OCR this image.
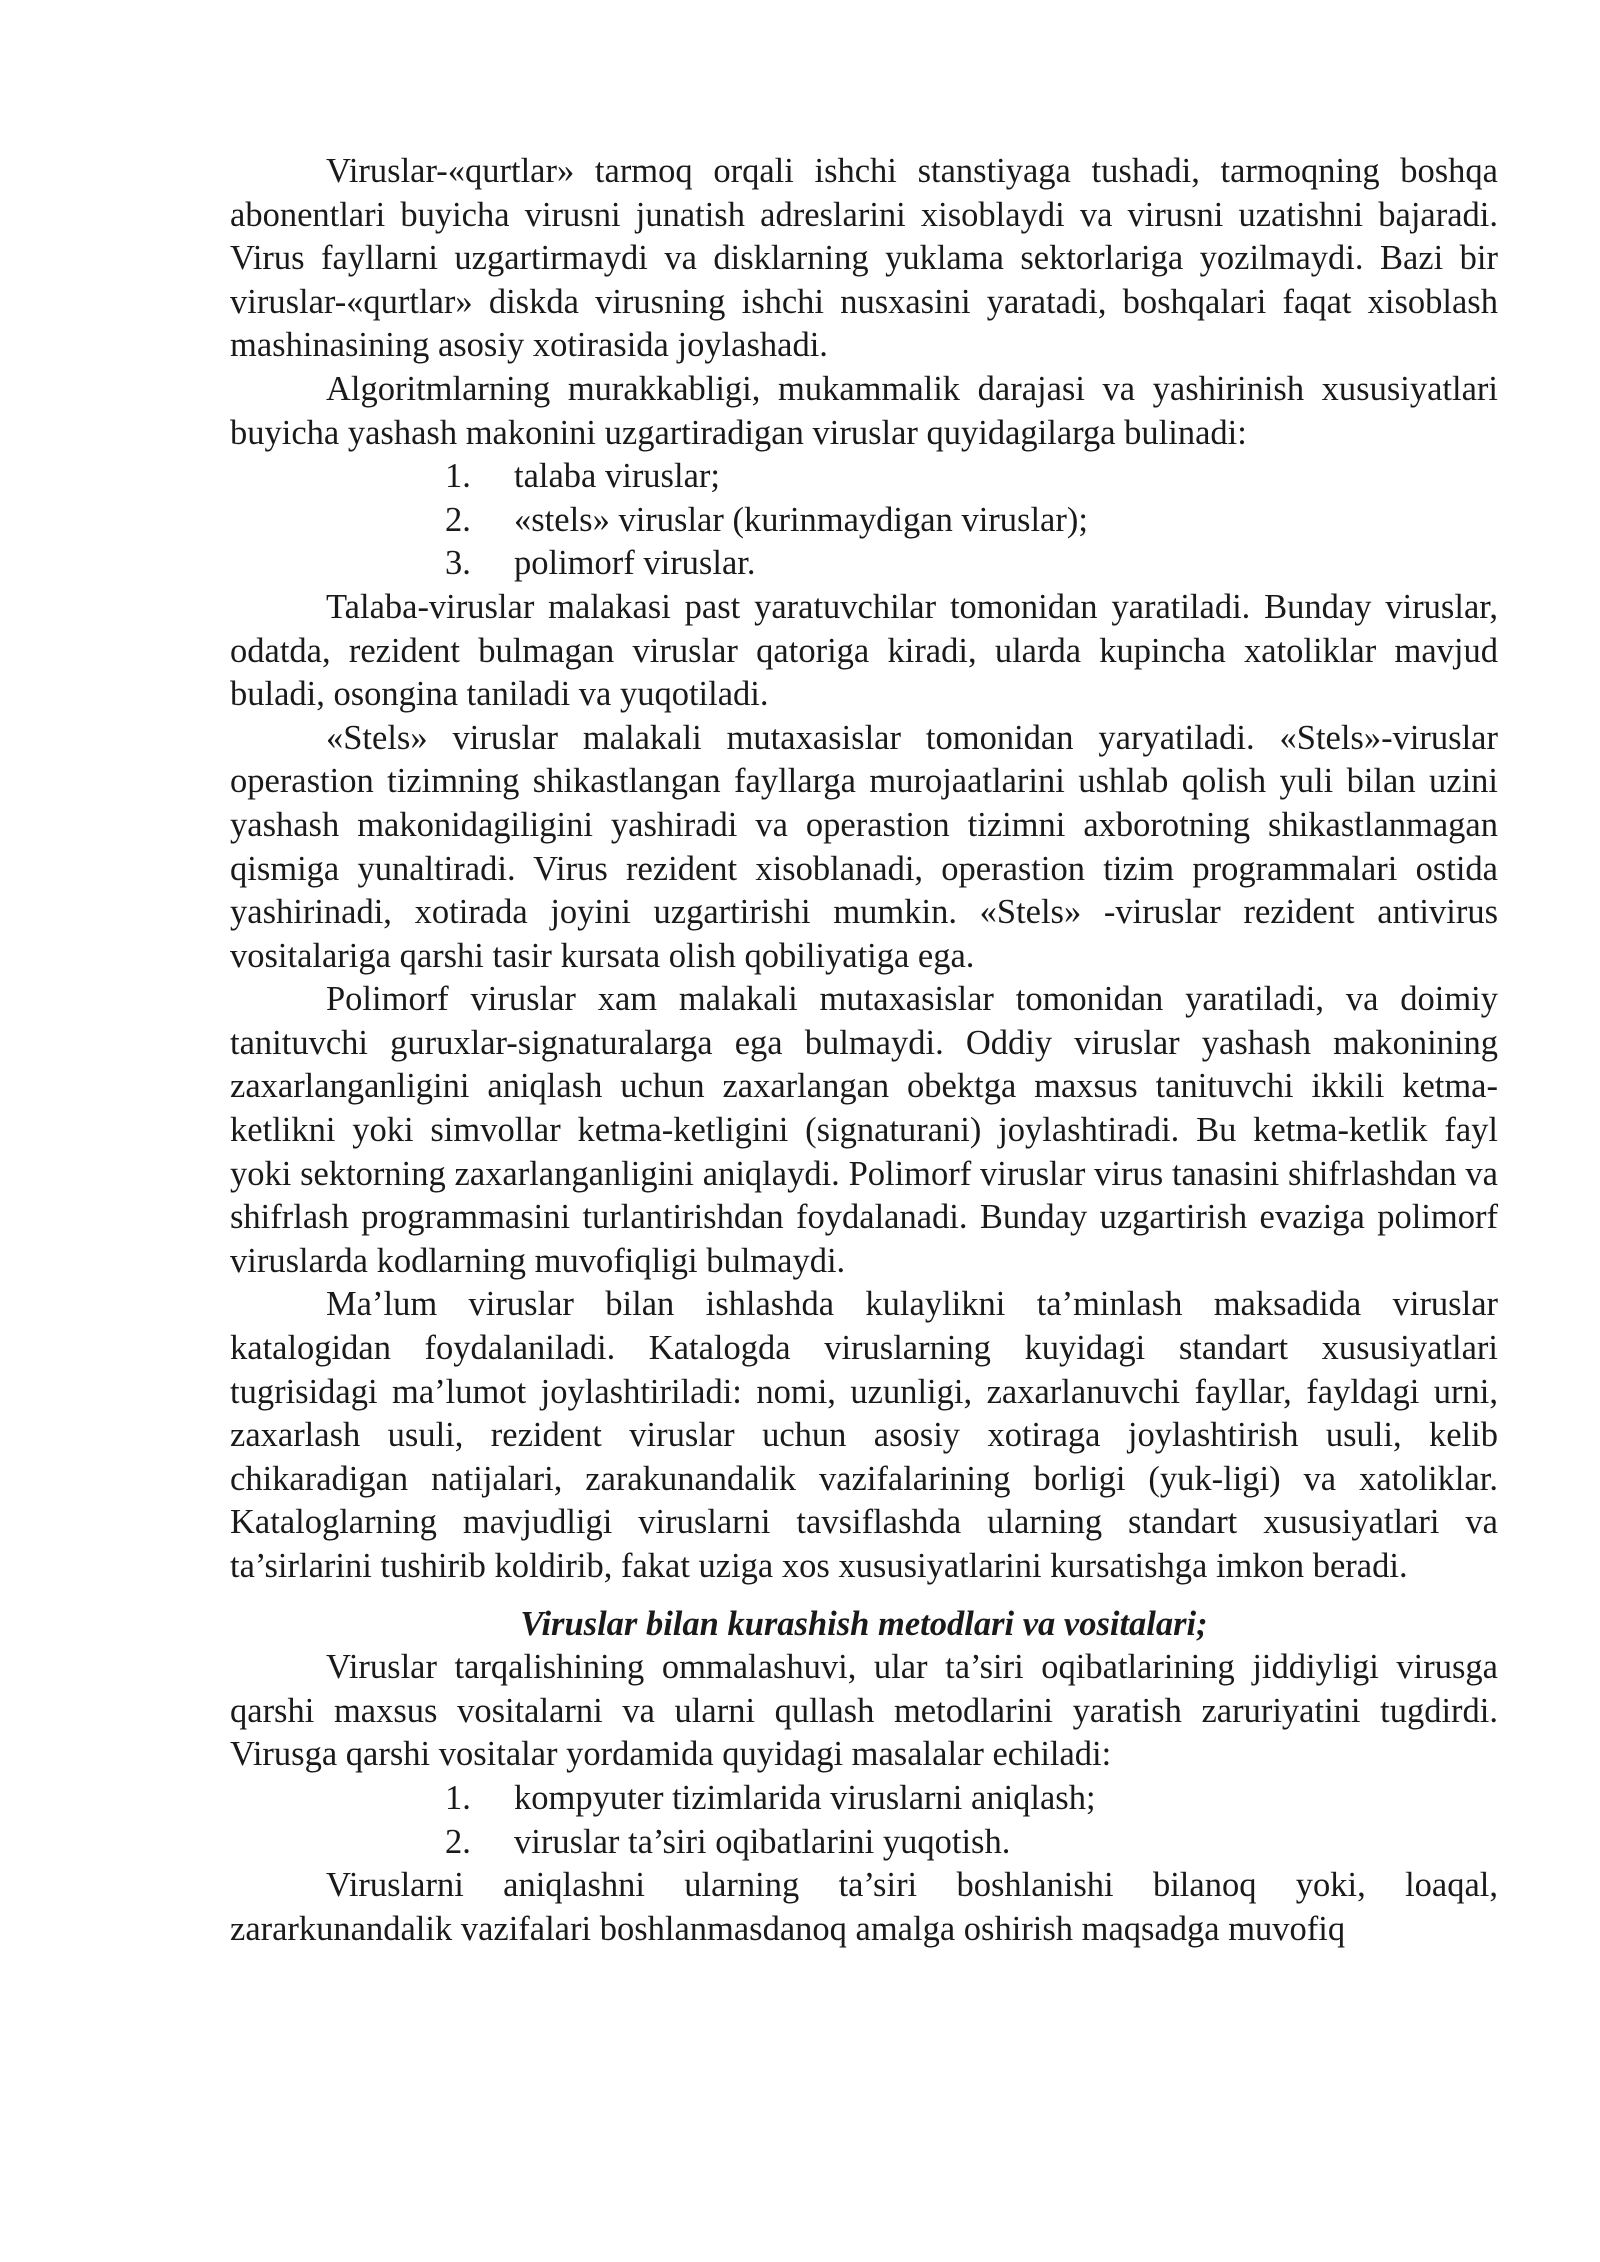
Viruslar-«qurtlar» tarmoq orqali ishchi stanstiyaga tushadi, tarmoqning boshqa abonentlari buyicha virusni junatish adreslarini xisoblaydi va virusni uzatishni bajaradi. Virus fayllarni uzgartirmaydi va disklarning yuklama sektorlariga yozilmaydi. Bazi bir viruslar-«qurtlar» diskda virusning ishchi nusxasini yaratadi, boshqalari faqat xisoblash mashinasining asosiy xotirasida joylashadi.

Algoritmlarning murakkabligi, mukammalik darajasi va yashirinish xususiyatlari buyicha yashash makonini uzgartiradigan viruslar quyidagilarga bulinadi:

1.	talaba viruslar;
2.	«stels» viruslar (kurinmaydigan viruslar);
3.	polimorf viruslar.

Talaba-viruslar malakasi past yaratuvchilar tomonidan yaratiladi. Bunday viruslar, odatda, rezident bulmagan viruslar qatoriga kiradi, ularda kupincha xatoliklar mavjud buladi, osongina taniladi va yuqotiladi.

«Stels» viruslar malakali mutaxasislar tomonidan yaryatiladi. «Stels»-viruslar operastion tizimning shikastlangan fayllarga murojaatlarini ushlab qolish yuli bilan uzini yashash makonidagiligini yashiradi va operastion tizimni axborotning shikastlanmagan qismiga yunaltiradi. Virus rezident xisoblanadi, operastion tizim programmalari ostida yashirinadi, xotirada joyini uzgartirishi mumkin. «Stels» -viruslar rezident antivirus vositalariga qarshi tasir kursata olish qobiliyatiga ega.

Polimorf viruslar xam malakali mutaxasislar tomonidan yaratiladi, va doimiy tanituvchi guruxlar-signaturalarga ega bulmaydi. Oddiy viruslar yashash makonining zaxarlanganligini aniqlash uchun zaxarlangan obektga maxsus tanituvchi ikkili ketma-ketlikni yoki simvollar ketma-ketligini (signaturani) joylashtiradi. Bu ketma-ketlik fayl yoki sektorning zaxarlanganligini aniqlaydi. Polimorf viruslar virus tanasini shifrlashdan va shifrlash programmasini turlantirishdan foydalanadi. Bunday uzgartirish evaziga polimorf viruslarda kodlarning muvofiqligi bulmaydi.

Ma’lum viruslar bilan ishlashda kulaylikni ta’minlash maksadida viruslar katalogidan foydalaniladi. Katalogda viruslarning kuyidagi standart xususiyatlari tugrisidagi ma’lumot joylashtiriladi: nomi, uzunligi, zaxarlanuvchi fayllar, fayldagi urni, zaxarlash usuli, rezident viruslar uchun asosiy xotiraga joylashtirish usuli, kelib chikaradigan natijalari, zarakunandalik vazifalarining borligi (yuk-ligi) va xatoliklar. Kataloglarning mavjudligi viruslarni tavsiflashda ularning standart xususiyatlari va ta’sirlarini tushirib koldirib, fakat uziga xos xususiyatlarini kursatishga imkon beradi.

Viruslar bilan kurashish metodlari va vositalari;

Viruslar tarqalishining ommalashuvi, ular ta’siri oqibatlarining jiddiyligi virusga qarshi maxsus vositalarni va ularni qullash metodlarini yaratish zaruriyatini tugdirdi. Virusga qarshi vositalar yordamida quyidagi masalalar echiladi:

1.	kompyuter tizimlarida viruslarni aniqlash;
2.	viruslar ta’siri oqibatlarini yuqotish.

Viruslarni aniqlashni ularning ta’siri boshlanishi bilanoq yoki, loaqal, zararkunandalik vazifalari boshlanmasdanoq amalga oshirish maqsadga muvofiq
